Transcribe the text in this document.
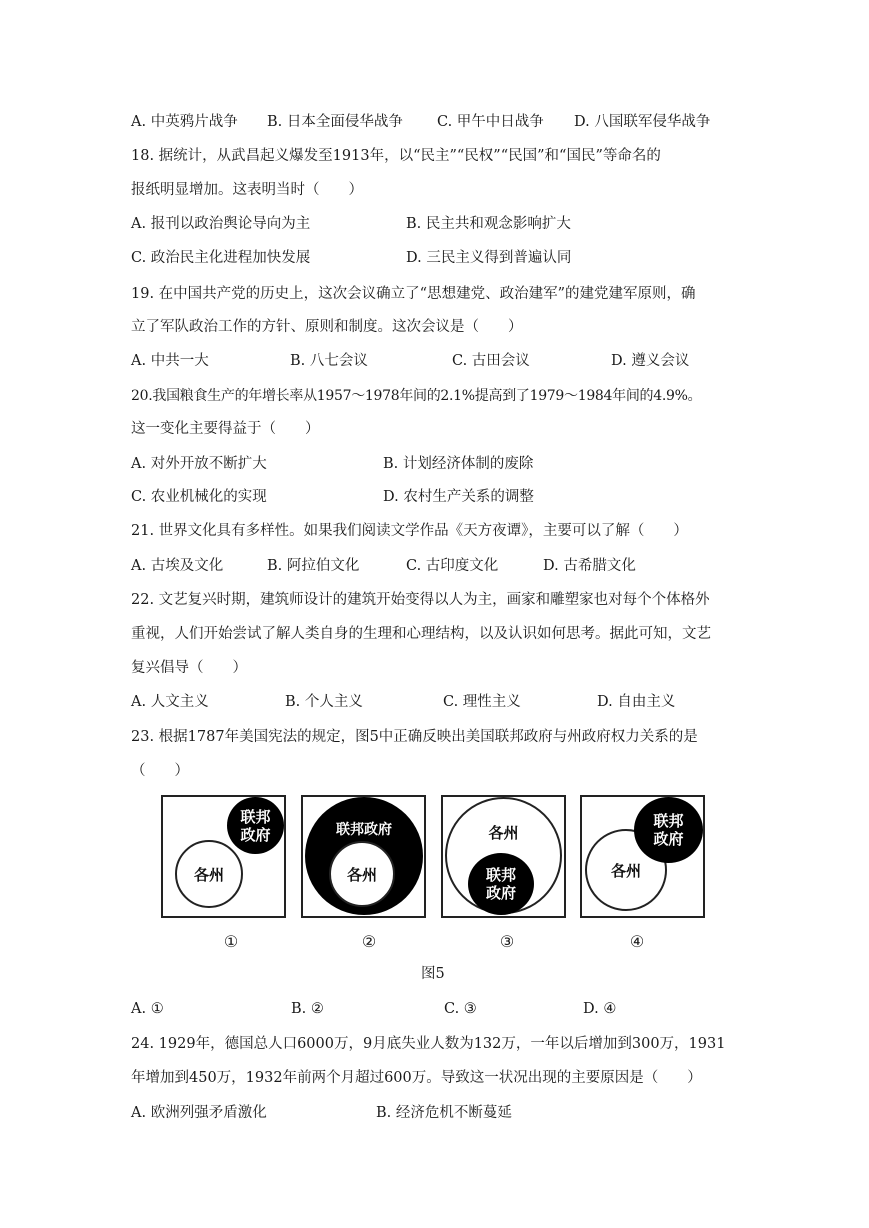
A. 中英鸦片战争 B. 日本全面侵华战争 C. 甲午中日战争 D. 八国联军侵华战争
18. 据统计，从武昌起义爆发至1913年，以“民主”“民权”“民国”和“国民”等命名的
报纸明显增加。这表明当时（　　）
A. 报刊以政治舆论导向为主	B. 民主共和观念影响扩大
C. 政治民主化进程加快发展	D. 三民主义得到普遍认同
19. 在中国共产党的历史上，这次会议确立了“思想建党、政治建军”的建党建军原则，确
立了军队政治工作的方针、原则和制度。这次会议是（　　）
A. 中共一大	B. 八七会议	C. 古田会议	D. 遵义会议
20.我国粮食生产的年增长率从1957～1978年间的2.1%提高到了1979～1984年间的4.9%。
这一变化主要得益于（　　）
A. 对外开放不断扩大	B. 计划经济体制的废除
C. 农业机械化的实现	D. 农村生产关系的调整
21. 世界文化具有多样性。如果我们阅读文学作品《天方夜谭》，主要可以了解（　　）
A. 古埃及文化	B. 阿拉伯文化	C. 古印度文化	D. 古希腊文化
22. 文艺复兴时期，建筑师设计的建筑开始变得以人为主，画家和雕塑家也对每个个体格外
重视，人们开始尝试了解人类自身的生理和心理结构，以及认识如何思考。据此可知，文艺
复兴倡导（　　）
A. 人文主义	B. 个人主义	C. 理性主义	D. 自由主义
23. 根据1787年美国宪法的规定，图5中正确反映出美国联邦政府与州政府权力关系的是
（　　）
联邦
政府
各州
联邦政府
各州
各州
联邦
政府
各州
联邦
政府
①	②	③	④
图5
A. ①	B. ②	C. ③	D. ④
24. 1929年，德国总人口6000万，9月底失业人数为132万，一年以后增加到300万，1931
年增加到450万，1932年前两个月超过600万。导致这一状况出现的主要原因是（　　）
A. 欧洲列强矛盾激化	B. 经济危机不断蔓延
